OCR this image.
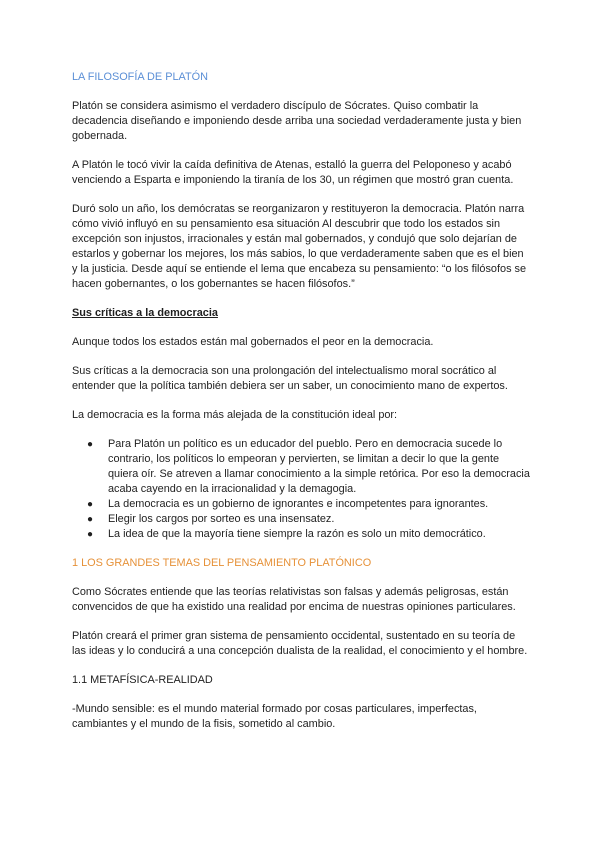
LA FILOSOFÍA DE PLATÓN

Platón se considera asimismo el verdadero discípulo de Sócrates. Quiso combatir la decadencia diseñando e imponiendo desde arriba una sociedad verdaderamente justa y bien gobernada.

A Platón le tocó vivir la caída definitiva de Atenas, estalló la guerra del Peloponeso y acabó venciendo a Esparta e imponiendo la tiranía de los 30, un régimen que mostró gran cuenta.

Duró solo un año, los demócratas se reorganizaron y restituyeron la democracia. Platón narra cómo vivió influyó en su pensamiento esa situación Al descubrir que todo los estados sin excepción son injustos, irracionales y están mal gobernados, y condujó que solo dejarían de estarlos y gobernar los mejores, los más sabios, lo que verdaderamente saben que es el bien y la justicia. Desde aquí se entiende el lema que encabeza su pensamiento: “o los filósofos se hacen gobernantes, o los gobernantes se hacen filósofos.”

Sus críticas a la democracia

Aunque todos los estados están mal gobernados el peor en la democracia.

Sus críticas a la democracia son una prolongación del intelectualismo moral socrático al entender que la política también debiera ser un saber, un conocimiento mano de expertos.

La democracia es la forma más alejada de la constitución ideal por:

● Para Platón un político es un educador del pueblo. Pero en democracia sucede lo contrario, los políticos lo empeoran y pervierten, se limitan a decir lo que la gente quiera oír. Se atreven a llamar conocimiento a la simple retórica. Por eso la democracia acaba cayendo en la irracionalidad y la demagogia.
● La democracia es un gobierno de ignorantes e incompetentes para ignorantes.
● Elegir los cargos por sorteo es una insensatez.
● La idea de que la mayoría tiene siempre la razón es solo un mito democrático.

1 LOS GRANDES TEMAS DEL PENSAMIENTO PLATÓNICO

Como Sócrates entiende que las teorías relativistas son falsas y además peligrosas, están convencidos de que ha existido una realidad por encima de nuestras opiniones particulares.

Platón creará el primer gran sistema de pensamiento occidental, sustentado en su teoría de las ideas y lo conducirá a una concepción dualista de la realidad, el conocimiento y el hombre.

1.1 METAFÍSICA-REALIDAD

-Mundo sensible: es el mundo material formado por cosas particulares, imperfectas, cambiantes y el mundo de la fisis, sometido al cambio.
